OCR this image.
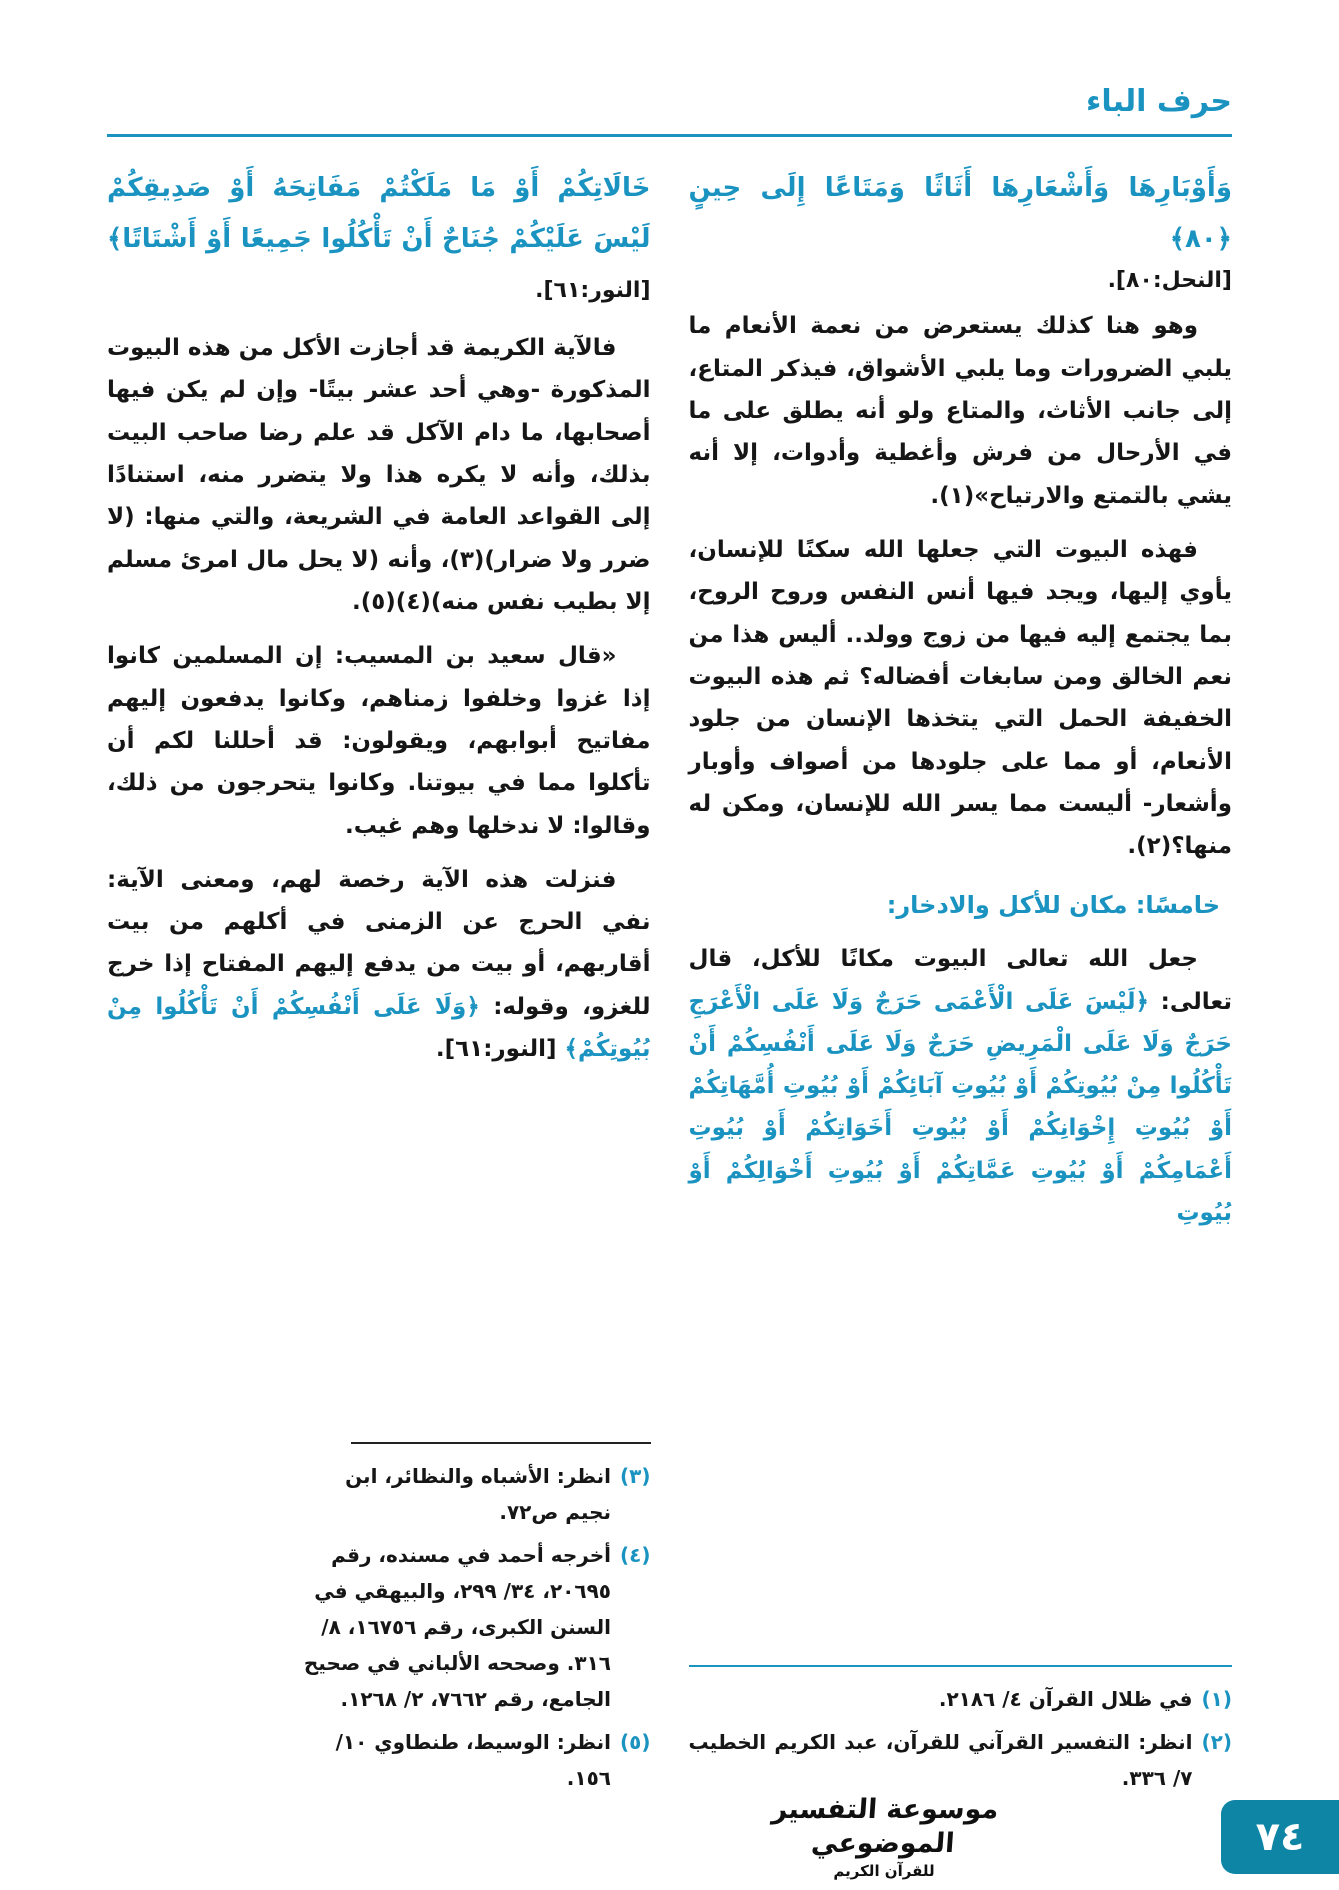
حرف الباء
وَأَوْبَارِهَا وَأَشْعَارِهَا أَثَاثًا وَمَتَاعًا إِلَى حِينٍ ﴿٨٠﴾
[النحل:٨٠].

وهو هنا كذلك يستعرض من نعمة الأنعام ما يلبي الضرورات وما يلبي الأشواق، فيذكر المتاع، إلى جانب الأثاث، والمتاع ولو أنه يطلق على ما في الأرحال من فرش وأغطية وأدوات، إلا أنه يشي بالتمتع والارتياح»(١).

فهذه البيوت التي جعلها الله سكنًا للإنسان، يأوي إليها، ويجد فيها أنس النفس وروح الروح، بما يجتمع إليه فيها من زوج وولد.. أليس هذا من نعم الخالق ومن سابغات أفضاله؟ ثم هذه البيوت الخفيفة الحمل التي يتخذها الإنسان من جلود الأنعام، أو مما على جلودها من أصواف وأوبار وأشعار- أليست مما يسر الله للإنسان، ومكن له منها؟(٢).

خامسًا: مكان للأكل والادخار:

جعل الله تعالى البيوت مكانًا للأكل، قال تعالى: ﴿لَيْسَ عَلَى الْأَعْمَى حَرَجٌ وَلَا عَلَى الْأَعْرَجِ حَرَجٌ وَلَا عَلَى الْمَرِيضِ حَرَجٌ وَلَا عَلَى أَنْفُسِكُمْ أَنْ تَأْكُلُوا مِنْ بُيُوتِكُمْ أَوْ بُيُوتِ آبَائِكُمْ أَوْ بُيُوتِ أُمَّهَاتِكُمْ أَوْ بُيُوتِ إِخْوَانِكُمْ أَوْ بُيُوتِ أَخَوَاتِكُمْ أَوْ بُيُوتِ أَعْمَامِكُمْ أَوْ بُيُوتِ عَمَّاتِكُمْ أَوْ بُيُوتِ أَخْوَالِكُمْ أَوْ بُيُوتِ

(١)
في ظلال القرآن ٤/ ٢١٨٦.
(٢)
انظر: التفسير القرآني للقرآن، عبد الكريم الخطيب ٧/ ٣٣٦.
خَالَاتِكُمْ أَوْ مَا مَلَكْتُمْ مَفَاتِحَهُ أَوْ صَدِيقِكُمْ لَيْسَ عَلَيْكُمْ جُنَاحٌ أَنْ تَأْكُلُوا جَمِيعًا أَوْ أَشْتَاتًا﴾ [النور:٦١].

فالآية الكريمة قد أجازت الأكل من هذه البيوت المذكورة -وهي أحد عشر بيتًا- وإن لم يكن فيها أصحابها، ما دام الآكل قد علم رضا صاحب البيت بذلك، وأنه لا يكره هذا ولا يتضرر منه، استنادًا إلى القواعد العامة في الشريعة، والتي منها: (لا ضرر ولا ضرار)(٣)، وأنه (لا يحل مال امرئ مسلم إلا بطيب نفس منه)(٤)(٥).

«قال سعيد بن المسيب: إن المسلمين كانوا إذا غزوا وخلفوا زمناهم، وكانوا يدفعون إليهم مفاتيح أبوابهم، ويقولون: قد أحللنا لكم أن تأكلوا مما في بيوتنا. وكانوا يتحرجون من ذلك، وقالوا: لا ندخلها وهم غيب.

فنزلت هذه الآية رخصة لهم، ومعنى الآية: نفي الحرج عن الزمنى في أكلهم من بيت أقاربهم، أو بيت من يدفع إليهم المفتاح إذا خرج للغزو، وقوله: ﴿وَلَا عَلَى أَنْفُسِكُمْ أَنْ تَأْكُلُوا مِنْ بُيُوتِكُمْ﴾ [النور:٦١].

(٣)
انظر: الأشباه والنظائر، ابن نجيم ص٧٢.
(٤)
أخرجه أحمد في مسنده، رقم ٢٠٦٩٥، ٣٤/ ٢٩٩، والبيهقي في السنن الكبرى، رقم ١٦٧٥٦، ٨/ ٣١٦. وصححه الألباني في صحيح الجامع، رقم ٧٦٦٢، ٢/ ١٢٦٨.
(٥)
انظر: الوسيط، طنطاوي ١٠/ ١٥٦.
موسوعة التفسير الموضوعي
للقرآن الكريم
٧٤
